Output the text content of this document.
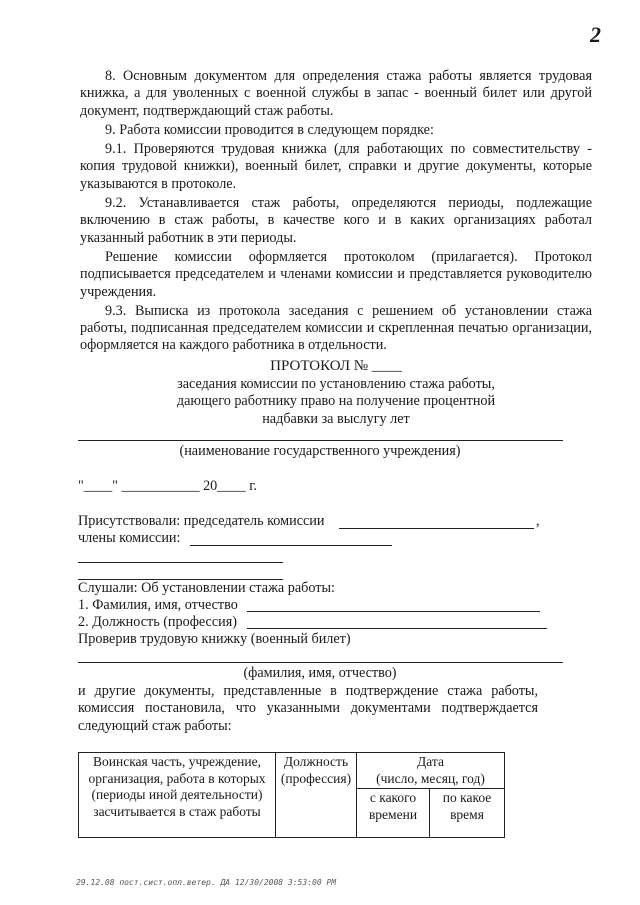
2

8. Основным документом для определения стажа работы является трудовая книжка, а для уволенных с военной службы в запас - военный билет или другой документ, подтверждающий стаж работы.

9. Работа комиссии проводится в следующем порядке:

9.1. Проверяются трудовая книжка (для работающих по совместительству - копия трудовой книжки), военный билет, справки и другие документы, которые указываются в протоколе.

9.2. Устанавливается стаж работы, определяются периоды, подлежащие включению в стаж работы, в качестве кого и в каких организациях работал указанный работник в эти периоды.

Решение комиссии оформляется протоколом (прилагается). Протокол подписывается председателем и членами комиссии и представляется руководителю учреждения.

9.3. Выписка из протокола заседания с решением об установлении стажа работы, подписанная председателем комиссии и скрепленная печатью организации, оформляется на каждого работника в отдельности.

ПРОТОКОЛ № ____
заседания комиссии по установлению стажа работы,
дающего работнику право на получение процентной
надбавки за выслугу лет
(наименование государственного учреждения)
"____" ___________ 20____ г.
Присутствовали: председатель комиссии	,
члены комиссии:
Слушали: Об установлении стажа работы:
1. Фамилия, имя, отчество
2. Должность (профессия)
Проверив трудовую книжку (военный билет)
(фамилия, имя, отчество)
и другие документы, представленные в подтверждение стажа работы, комиссия постановила, что указанными документами подтверждается следующий стаж работы:
Воинская часть, учреждение, организация, работа в которых (периоды иной деятельности) засчитывается в стаж работы	Должность (профессия)	Дата
(число, месяц, год)	

		с какого времени	по какое время
29.12.08 пост.сист.опл.ветер. ДА 12/30/2008 3:53:00 PM
